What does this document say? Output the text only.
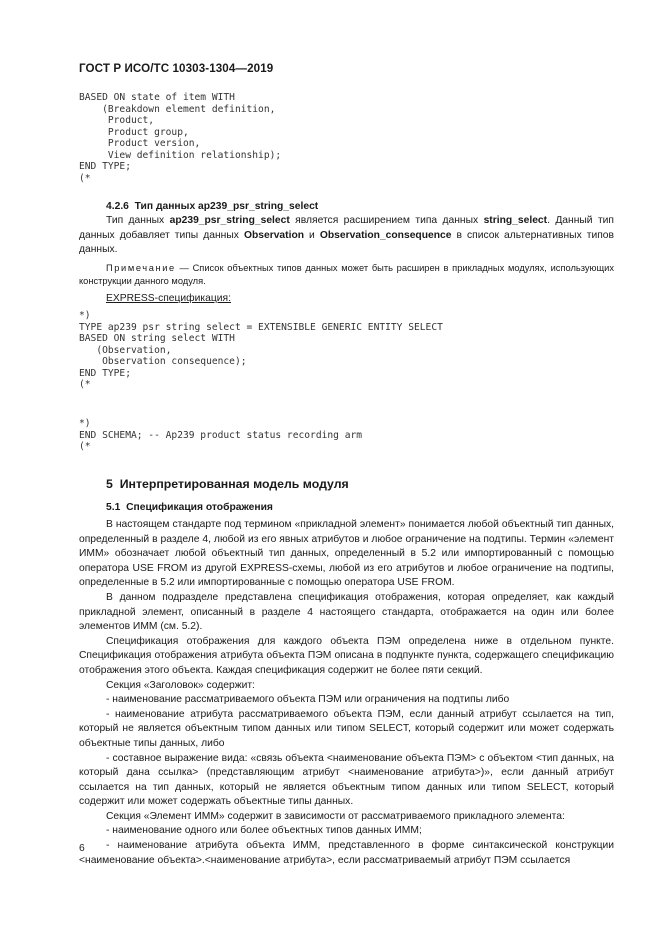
ГОСТ Р ИСО/ТС 10303-1304—2019
BASED ON state of item WITH
(Breakdown element definition,
Product,
Product group,
Product version,
View definition relationship);
END TYPE;
(*
4.2.6 Тип данных ap239_psr_string_select

Тип данных ap239_psr_string_select является расширением типа данных string_select. Данный тип данных добавляет типы данных Observation и Observation_consequence в список альтернативных типов данных.

Примечание — Список объектных типов данных может быть расширен в прикладных модулях, использующих конструкции данного модуля.

EXPRESS-спецификация:

*)
TYPE ap239 psr string select = EXTENSIBLE GENERIC ENTITY SELECT
BASED ON string select WITH
(Observation,
Observation consequence);
END TYPE;
(*
*)
END SCHEMA; -- Ap239 product status recording arm
(*
5 Интерпретированная модель модуля
5.1 Спецификация отображения
В настоящем стандарте под термином «прикладной элемент» понимается любой объектный тип данных, определенный в разделе 4, любой из его явных атрибутов и любое ограничение на подтипы. Термин «элемент ИММ» обозначает любой объектный тип данных, определенный в 5.2 или импортированный с помощью оператора USE FROM из другой EXPRESS-схемы, любой из его атрибутов и любое ограничение на подтипы, определенные в 5.2 или импортированные с помощью оператора USE FROM.
В данном подразделе представлена спецификация отображения, которая определяет, как каждый прикладной элемент, описанный в разделе 4 настоящего стандарта, отображается на один или более элементов ИММ (см. 5.2).
Спецификация отображения для каждого объекта ПЭМ определена ниже в отдельном пункте. Спецификация отображения атрибута объекта ПЭМ описана в подпункте пункта, содержащего спецификацию отображения этого объекта. Каждая спецификация содержит не более пяти секций.
Секция «Заголовок» содержит:
- наименование рассматриваемого объекта ПЭМ или ограничения на подтипы либо
- наименование атрибута рассматриваемого объекта ПЭМ, если данный атрибут ссылается на тип, который не является объектным типом данных или типом SELECT, который содержит или может содержать объектные типы данных, либо
- составное выражение вида: «связь объекта <наименование объекта ПЭМ> с объектом <тип данных, на который дана ссылка> (представляющим атрибут <наименование атрибута>)», если данный атрибут ссылается на тип данных, который не является объектным типом данных или типом SELECT, который содержит или может содержать объектные типы данных.
Секция «Элемент ИММ» содержит в зависимости от рассматриваемого прикладного элемента:
- наименование одного или более объектных типов данных ИММ;
- наименование атрибута объекта ИММ, представленного в форме синтаксической конструкции <наименование объекта>.<наименование атрибута>, если рассматриваемый атрибут ПЭМ ссылается
6
